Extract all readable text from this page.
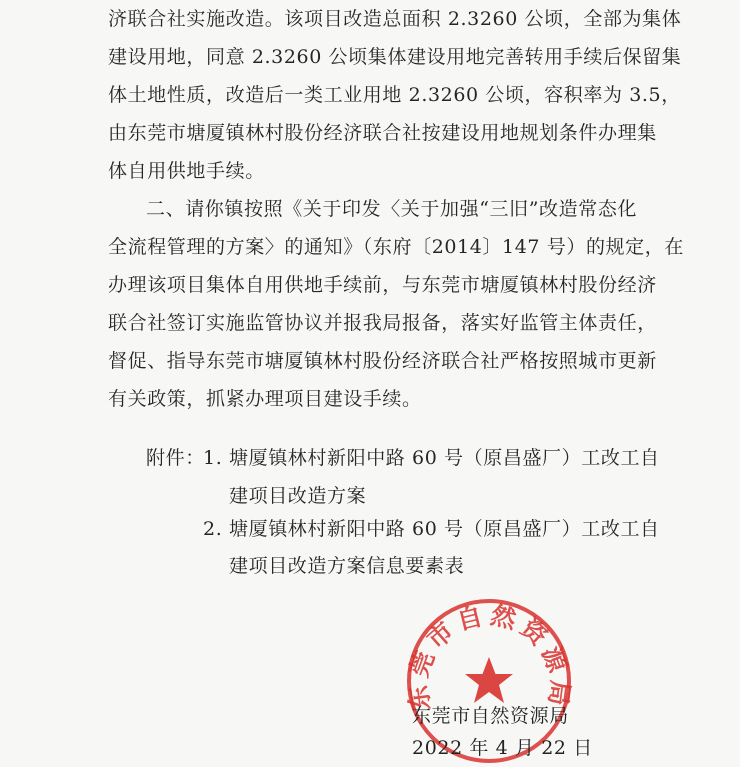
济联合社实施改造。该项目改造总面积 2.3260 公顷，全部为集体
建设用地，同意 2.3260 公顷集体建设用地完善转用手续后保留集
体土地性质，改造后一类工业用地 2.3260 公顷，容积率为 3.5，
由东莞市塘厦镇林村股份经济联合社按建设用地规划条件办理集
体自用供地手续。
二、请你镇按照《关于印发〈关于加强“三旧”改造常态化
全流程管理的方案〉的通知》（东府〔2014〕147 号）的规定，在
办理该项目集体自用供地手续前，与东莞市塘厦镇林村股份经济
联合社签订实施监管协议并报我局报备，落实好监管主体责任，
督促、指导东莞市塘厦镇林村股份经济联合社严格按照城市更新
有关政策，抓紧办理项目建设手续。
附件：
1. 塘厦镇林村新阳中路 60 号（原昌盛厂）工改工自
建项目改造方案
2. 塘厦镇林村新阳中路 60 号（原昌盛厂）工改工自
建项目改造方案信息要素表
东莞市自然资源局
东莞市自然资源局
2022 年 4 月 22 日
